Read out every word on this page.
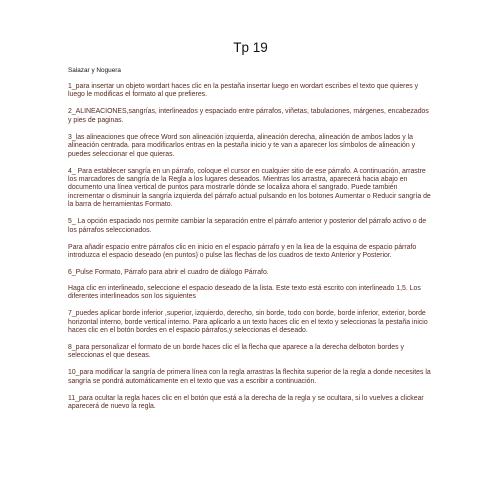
Tp 19
Salazar y Noguera
1_para insertar un objeto wordart haces clic en la pestaña insertar luego en wordart escribes el texto que quieres y luego le modificas el formato al que prefieres.
2_ALINEACIONES,sangrías, interlineados y espaciado entre párrafos, viñetas, tabulaciones, márgenes, encabezados y pies de paginas.
3_las alineaciones que ofrece Word son alineación izquierda, alineación derecha, alineación de ambos lados y la alineación centrada. para modificarlos entras en la pestaña inicio y te van a aparecer los símbolos de alineación y puedes seleccionar el que quieras.
4_ Para establecer sangría en un párrafo, coloque el cursor en cualquier sitio de ese párrafo. A continuación, arrastre los marcadores de sangría de la Regla a los lugares deseados. Mientras los arrastra, aparecerá hacia abajo en documento una línea vertical de puntos para mostrarle dónde se localiza ahora el sangrado. Puede también incrementar o disminuir la sangría izquierda del párrafo actual pulsando en los botones Aumentar o Reducir sangría de la barra de herramientas Formato.
5_ La opción espaciado nos permite cambiar la separación entre el párrafo anterior y posterior del párrafo activo o de los párrafos seleccionados.
Para añadir espacio entre párrafos clic en inicio en el espacio párrafo y en la liea de la esquina de espacio párrafo introduzca el espacio deseado (en puntos) o pulse las flechas de los cuadros de texto Anterior y Posterior.
6_Pulse Formato, Párrafo para abrir el cuadro de diálogo Párrafo.
Haga clic en interlineado, seleccione el espacio deseado de la lista. Este texto está escrito con interlineado 1,5. Los diferentes interlineados son los siguientes
7_puedes aplicar borde inferior ,superior, izquierdo, derecho, sin borde, todo con borde, borde inferior, exterior, borde horizontal interno, borde vertical interno. Para aplicarlo a un texto haces clic en el texto y seleccionas la pestaña inicio haces clic en el botón bordes en el espacio párrafos,y seleccionas el deseado.
8_para personalizar el formato de un borde haces clic el la flecha que aparece a la derecha delboton bordes y seleccionas el que deseas.
10_para modificar la sangría de primera línea con la regla arrastras la flechita superior de la regla a donde necesites la sangría se pondrá automáticamente en el texto que vas a escribir a continuación.
11_para ocultar la regla haces clic en el botón que está a la derecha de la regla y se ocultara, si lo vuelves a clickear aparecerá de nuevo la regla.
